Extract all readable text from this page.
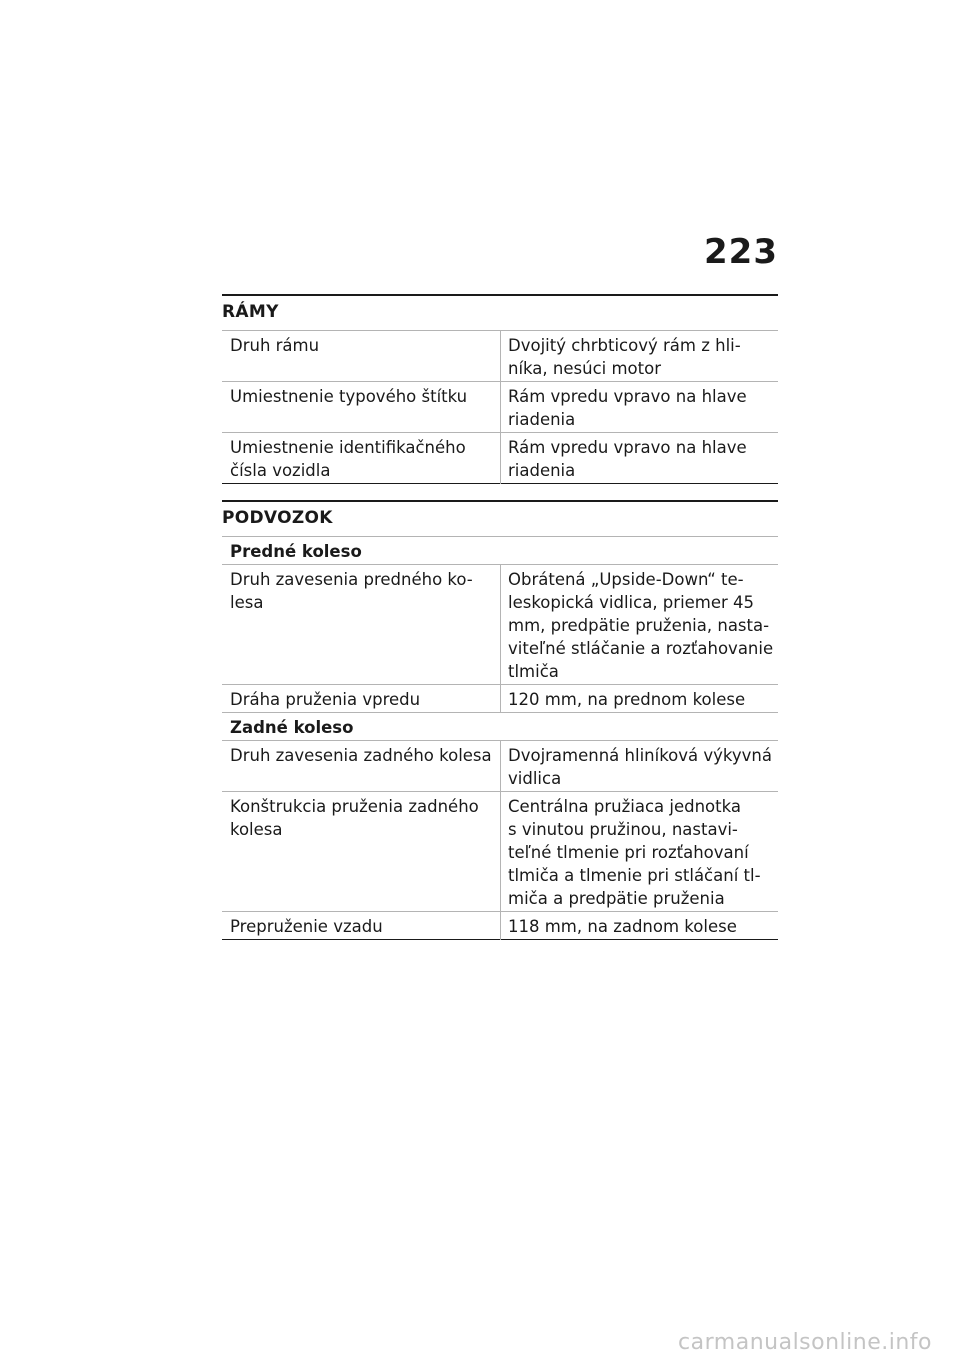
223
RÁMY
Druh rámu	Dvojitý chrbticový rám z hli-
níka, nesúci motor
Umiestnenie typového štítku	Rám vpredu vpravo na hlave
riadenia
Umiestnenie identifikačného
čísla vozidla	Rám vpredu vpravo na hlave
riadenia
PODVOZOK
Predné koleso	
Druh zavesenia predného ko-
lesa	Obrátená „Upside-Down“ te-
leskopická vidlica, priemer 45
mm, predpätie pruženia, nasta-
viteľné stláčanie a rozťahovanie
tlmiča
Dráha pruženia vpredu	120 mm, na prednom kolese
Zadné koleso	
Druh zavesenia zadného kolesa	Dvojramenná hliníková výkyvná
vidlica
Konštrukcia pruženia zadného
kolesa	Centrálna pružiaca jednotka
s vinutou pružinou, nastavi-
teľné tlmenie pri rozťahovaní
tlmiča a tlmenie pri stláčaní tl-
miča a predpätie pruženia
Prepruženie vzadu	118 mm, na zadnom kolese
carmanualsonline.info
